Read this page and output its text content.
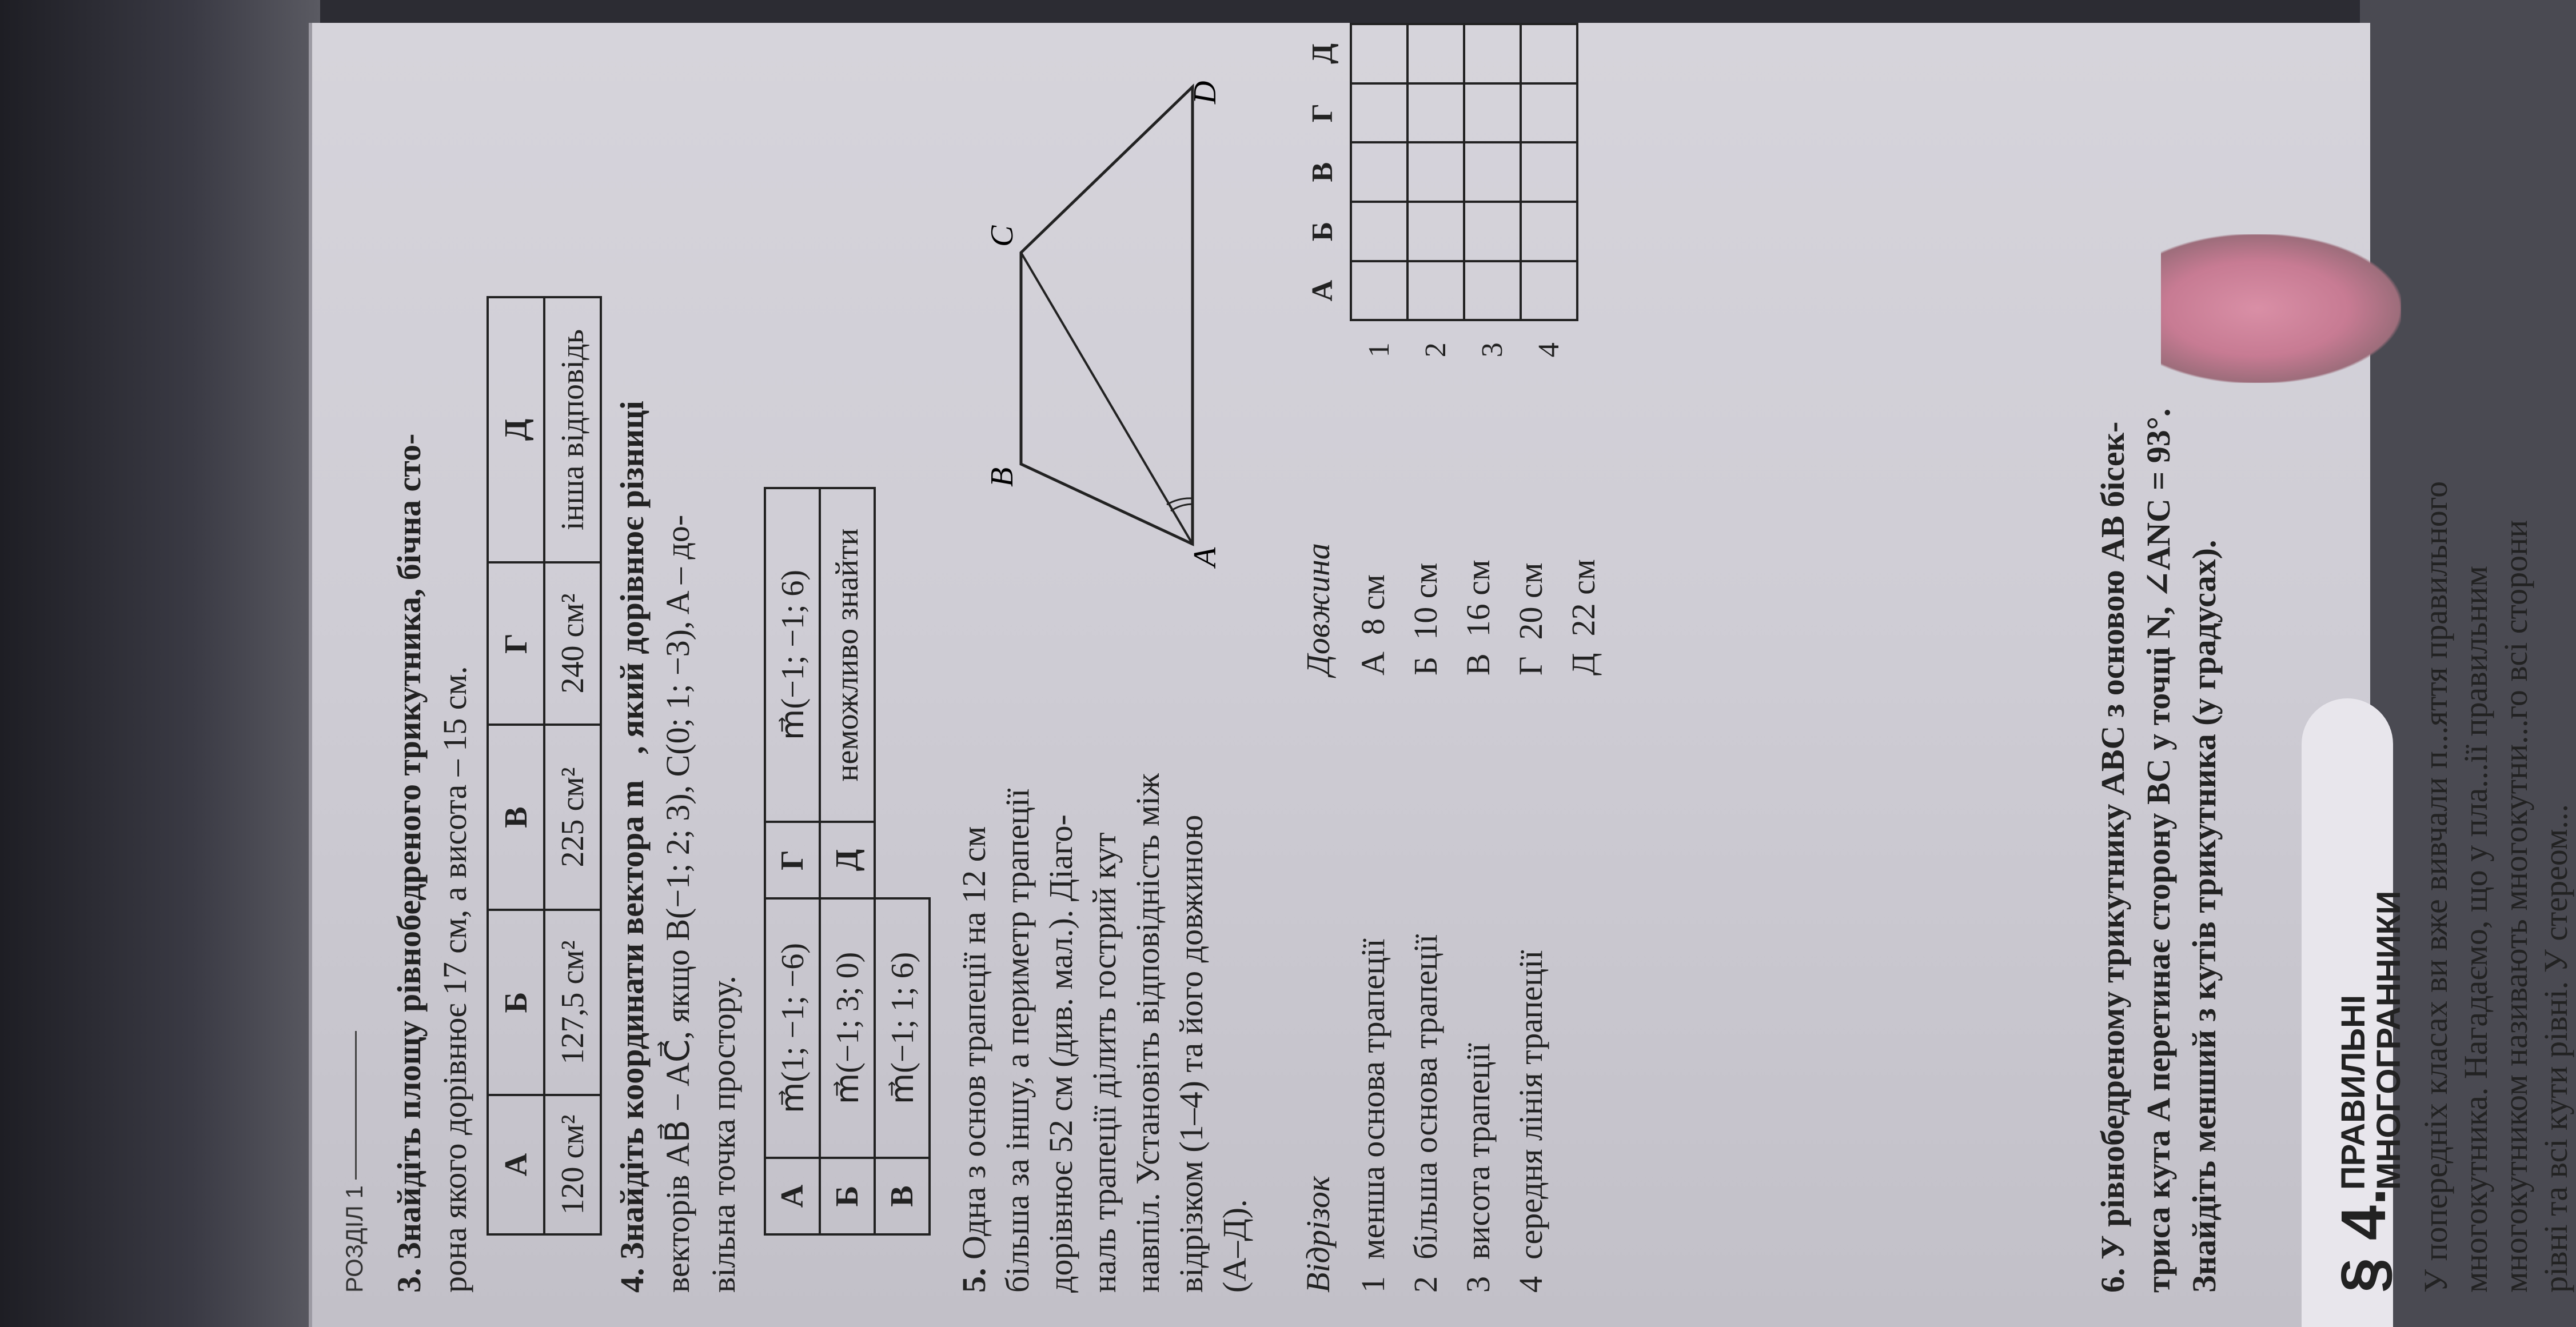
РОЗДІЛ 1 3. Знайдіть площу рівнобедреного трикутника, бічна сто- рона якого дорівнює 17 см, а висота – 15 см. А	Б	В	Г	Д
120 см²	127,5 см²	225 см²	240 см²	інша відповідь
4. Знайдіть координати вектора m⃗, який дорівнює різниці векторів AB⃗ − AC⃗, якщо B(−1; 2; 3), C(0; 1; −3), A – до- вільна точка простору. А	m⃗(1; −1; −6)	Г	m⃗(−1; −1; 6)
Б	m⃗(−1; 3; 0)	Д	неможливо знайти
В	m⃗(−1; 1; 6)		
5. Одна з основ трапеції на 12 см більша за іншу, а периметр трапеції дорівнює 52 см (див. мал.). Діаго- наль трапеції ділить гострий кут навпіл. Установіть відповідність між відрізком (1–4) та його довжиною (А–Д).
A
B
C
D
Відрізок
Довжина
1  менша основа трапеції
2  більша основа трапеції
3  висота трапеції
4  середня лінія трапеції
А  8 см
Б  10 см
В  16 см
Г  20 см
Д  22 см
	А	Б	В	Г	Д
1					
2					
3					
4					
6. У рівнобедреному трикутнику ABC з основою AB бісек- триса кута A перетинає сторону BC у точці N, ∠ANC = 93°. Знайдіть менший з кутів трикутника (у градусах). § 4.
ПРАВИЛЬНІ
МНОГОГРАННИКИ У попередніх класах ви вже вивчали п...яття правильного
многокутника. Нагадаємо, що у пла...ії правильним
многокутником називають многокутни...го всі сторони
рівні та всі кути рівні. У стереом...
